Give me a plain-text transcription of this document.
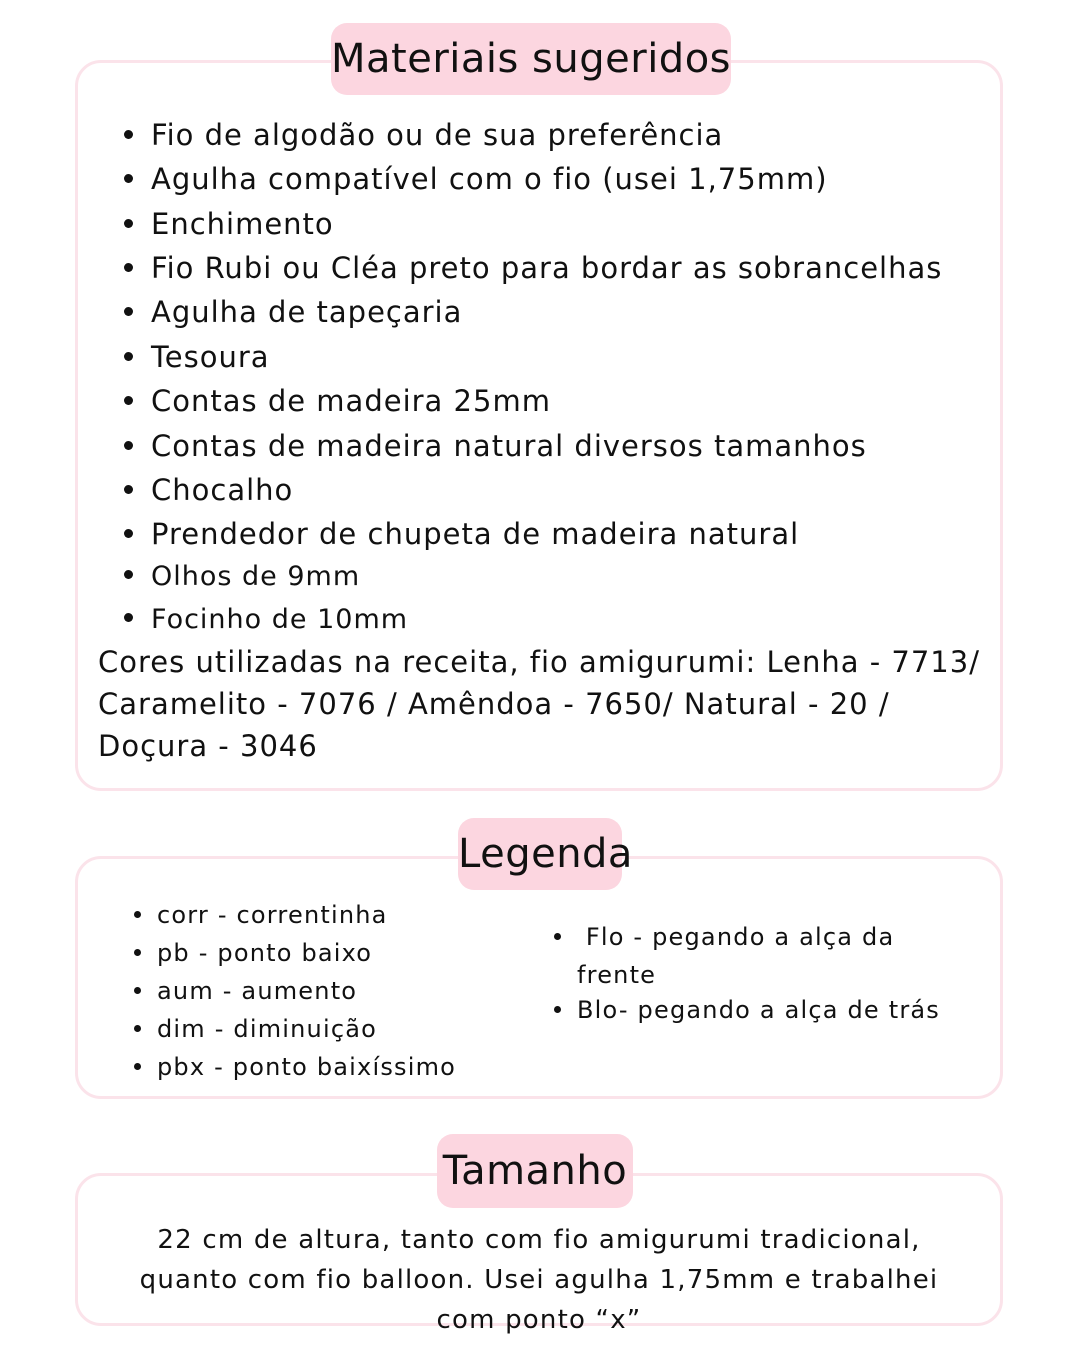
Fio de algodão ou de sua preferência
Agulha compatível com o fio (usei 1,75mm)
Enchimento
Fio Rubi ou Cléa preto para bordar as sobrancelhas
Agulha de tapeçaria
Tesoura
Contas de madeira 25mm
Contas de madeira natural diversos tamanhos
Chocalho
Prendedor de chupeta de madeira natural
Olhos de 9mm
Focinho de 10mm
Cores utilizadas na receita, fio amigurumi: Lenha - 7713/ Caramelito - 7076 / Amêndoa - 7650/ Natural - 20 / Doçura - 3046
Materiais sugeridos
corr - correntinha
pb - ponto baixo
aum - aumento
dim - diminuição
pbx - ponto baixíssimo
Flo - pegando a alça da frente
Blo- pegando a alça de trás
Legenda
22 cm de altura, tanto com fio amigurumi tradicional, quanto com fio balloon. Usei agulha 1,75mm e trabalhei com ponto “x”
Tamanho
